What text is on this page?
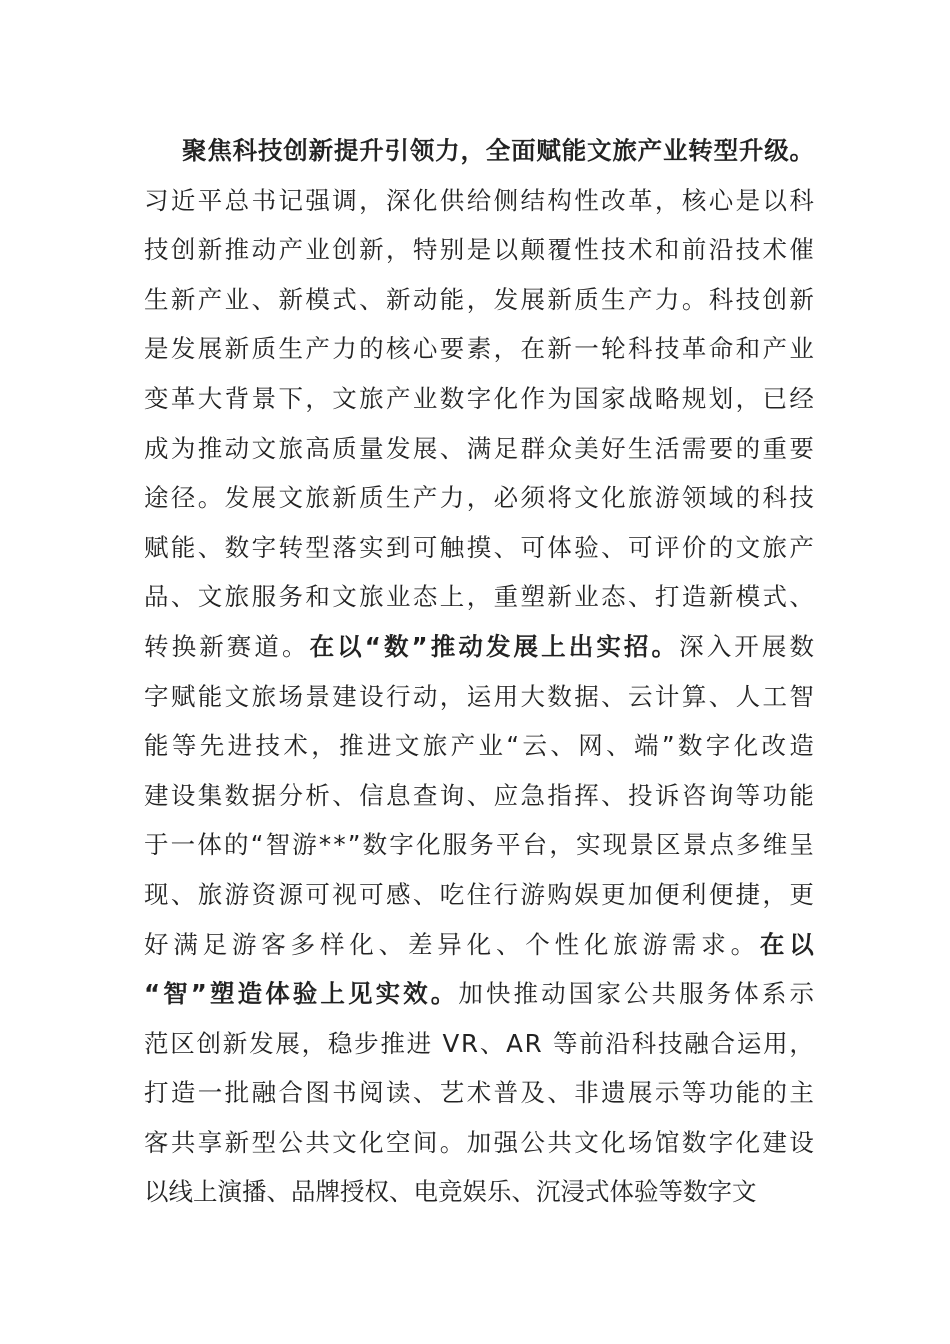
聚 焦 科 技 创 新 提 升 引 领 力 ， 全 面 赋 能 文 旅 产 业 转 型 升 级 。
习 近 平 总 书 记 强 调 ， 深 化 供 给 侧 结 构 性 改 革 ， 核 心 是 以 科
技 创 新 推 动 产 业 创 新 ， 特 别 是 以 颠 覆 性 技 术 和 前 沿 技 术 催
生 新 产 业 、 新 模 式 、 新 动 能 ， 发 展 新 质 生 产 力 。 科 技 创 新
是 发 展 新 质 生 产 力 的 核 心 要 素 ， 在 新 一 轮 科 技 革 命 和 产 业
变 革 大 背 景 下 ， 文 旅 产 业 数 字 化 作 为 国 家 战 略 规 划 ， 已 经
成 为 推 动 文 旅 高 质 量 发 展 、 满 足 群 众 美 好 生 活 需 要 的 重 要
途 径 。 发 展 文 旅 新 质 生 产 力 ， 必 须 将 文 化 旅 游 领 域 的 科 技
赋 能 、 数 字 转 型 落 实 到 可 触 摸 、 可 体 验 、 可 评 价 的 文 旅 产
品 、 文 旅 服 务 和 文 旅 业 态 上 ， 重 塑 新 业 态 、 打 造 新 模 式 、
转 换 新 赛 道 。 在 以 “ 数 ” 推 动 发 展 上 出 实 招 。 深 入 开 展 数
字 赋 能 文 旅 场 景 建 设 行 动 ， 运 用 大 数 据 、 云 计 算 、 人 工 智
能 等 先 进 技 术 ， 推 进 文 旅 产 业 “ 云 、 网 、 端 ” 数 字 化 改 造
建 设 集 数 据 分 析 、 信 息 查 询 、 应 急 指 挥 、 投 诉 咨 询 等 功 能
于 一 体 的 “ 智 游 * * ” 数 字 化 服 务 平 台 ， 实 现 景 区 景 点 多 维 呈
现 、 旅 游 资 源 可 视 可 感 、 吃 住 行 游 购 娱 更 加 便 利 便 捷 ， 更
好 满 足 游 客 多 样 化 、 差 异 化 、 个 性 化 旅 游 需 求 。 在 以
“ 智 ” 塑 造 体 验 上 见 实 效 。 加 快 推 动 国 家 公 共 服 务 体 系 示
范 区 创 新 发 展 ， 稳 步 推 进
V R 、 A R
等 前 沿 科 技 融 合 运 用 ，
打 造 一 批 融 合 图 书 阅 读 、 艺 术 普 及 、 非 遗 展 示 等 功 能 的 主
客 共 享 新 型 公 共 文 化 空 间 。 加 强 公 共 文 化 场 馆 数 字 化 建 设
以 线 上 演 播 、 品 牌 授 权 、 电 竞 娱 乐 、 沉 浸 式 体 验 等 数 字 文
